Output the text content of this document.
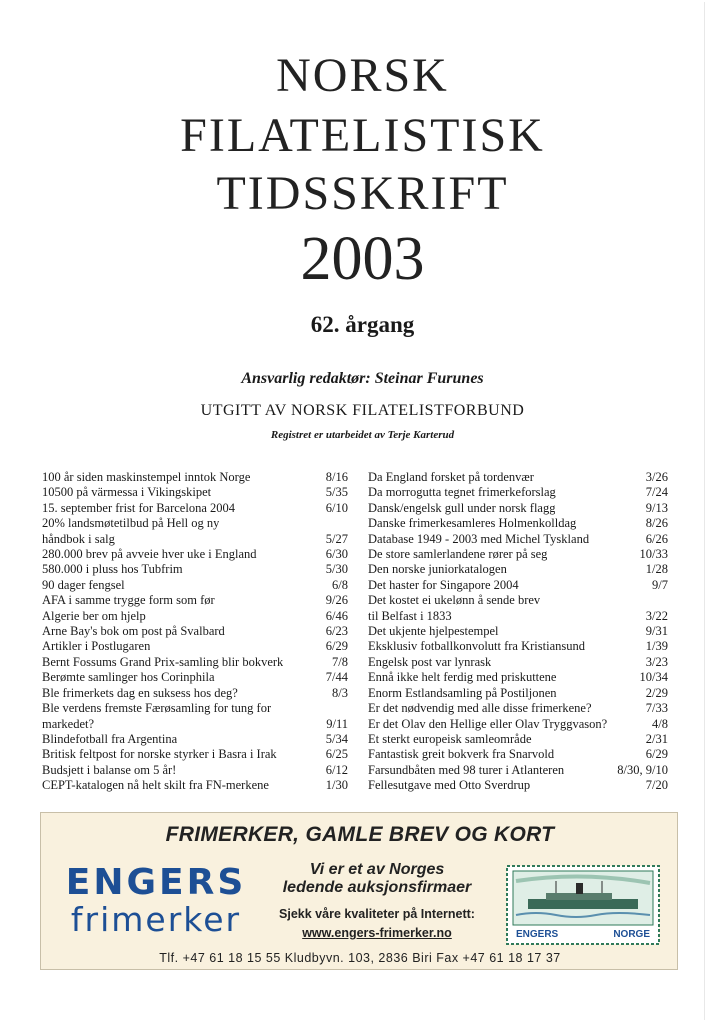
NORSK
FILATELISTISK
TIDSSKRIFT
2003
62. årgang
Ansvarlig redaktør: Steinar Furunes
UTGITT AV NORSK FILATELISTFORBUND
Registret er utarbeidet av Terje Karterud
100 år siden maskinstempel inntok Norge	8/16
10500 på värmessa i Vikingskipet	5/35
15. september frist for Barcelona 2004	6/10
20% landsmøtetilbud på Hell og ny
håndbok i salg	5/27
280.000 brev på avveie hver uke i England	6/30
580.000 i pluss hos Tubfrim	5/30
90 dager fengsel	6/8
AFA i samme trygge form som før	9/26
Algerie ber om hjelp	6/46
Arne Bay's bok om post på Svalbard	6/23
Artikler i Postlugaren	6/29
Bernt Fossums Grand Prix-samling blir bokverk	7/8
Berømte samlinger hos Corinphila	7/44
Ble frimerkets dag en suksess hos deg?	8/3
Ble verdens fremste Færøsamling for tung for
markedet?	9/11
Blindefotball fra Argentina	5/34
Britisk feltpost for norske styrker i Basra i Irak	6/25
Budsjett i balanse om 5 år!	6/12
CEPT-katalogen nå helt skilt fra FN-merkene	1/30
Da England forsket på tordenvær	3/26
Da morrogutta tegnet frimerkeforslag	7/24
Dansk/engelsk gull under norsk flagg	9/13
Danske frimerkesamleres Holmenkolldag	8/26
Database 1949 - 2003 med Michel Tyskland	6/26
De store samlerlandene rører på seg	10/33
Den norske juniorkatalogen	1/28
Det haster for Singapore 2004	9/7
Det kostet ei ukelønn å sende brev
til Belfast i 1833	3/22
Det ukjente hjelpestempel	9/31
Eksklusiv fotballkonvolutt fra Kristiansund	1/39
Engelsk post var lynrask	3/23
Ennå ikke helt ferdig med priskuttene	10/34
Enorm Estlandsamling på Postiljonen	2/29
Er det nødvendig med alle disse frimerkene?	7/33
Er det Olav den Hellige eller Olav Tryggvason?	4/8
Et sterkt europeisk samleområde	2/31
Fantastisk greit bokverk fra Snarvold	6/29
Farsundbåten med 98 turer i Atlanteren	8/30, 9/10
Fellesutgave med Otto Sverdrup	7/20
FRIMERKER, GAMLE BREV OG KORT
ENGERS
frimerker
Vi er et av Norges
ledende auksjonsfirmaer
Sjekk våre kvaliteter på Internett:
www.engers-frimerker.no	ENGERS	NORGE
Tlf. +47 61 18 15 55 Kludbyvn. 103, 2836 Biri Fax +47 61 18 17 37
